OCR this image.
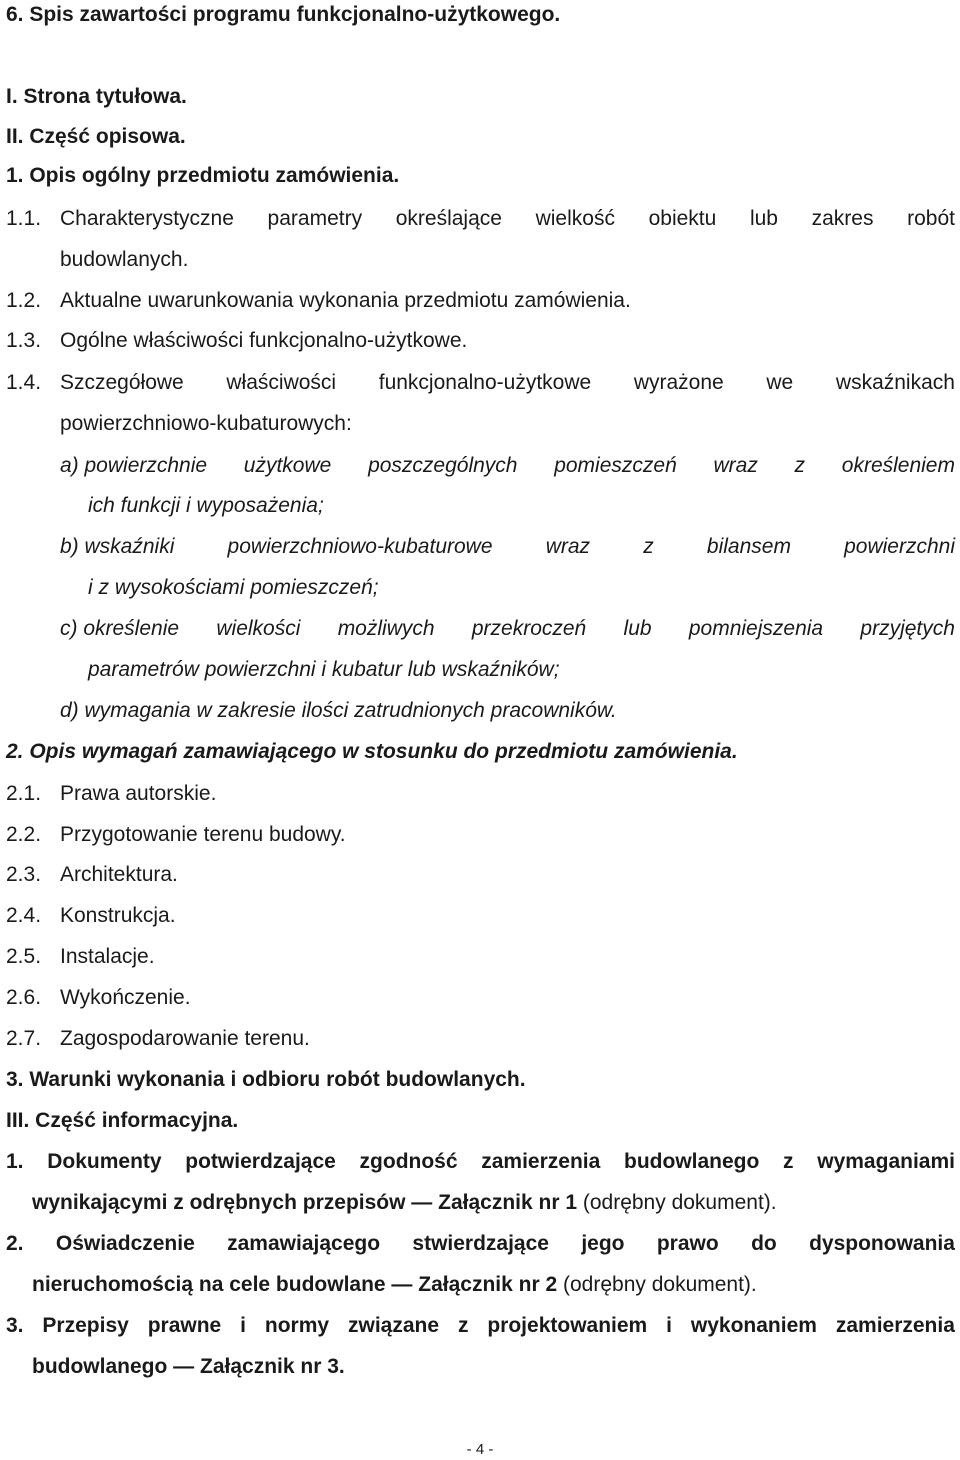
6. Spis zawartości programu funkcjonalno-użytkowego.
I. Strona tytułowa.
II. Część opisowa.
1. Opis ogólny przedmiotu zamówienia.
1.1. Charakterystyczne parametry określające wielkość obiektu lub zakres robót
budowlanych.
1.2. Aktualne uwarunkowania wykonania przedmiotu zamówienia.
1.3. Ogólne właściwości funkcjonalno-użytkowe.
1.4. Szczegółowe właściwości funkcjonalno-użytkowe wyrażone we wskaźnikach
powierzchniowo-kubaturowych:
a) powierzchnie użytkowe poszczególnych pomieszczeń wraz z określeniem
ich funkcji i wyposażenia;
b) wskaźniki	powierzchniowo-kubaturowe	wraz	z	bilansem	powierzchni
i z wysokościami pomieszczeń;
c) określenie wielkości możliwych przekroczeń lub pomniejszenia przyjętych
parametrów powierzchni i kubatur lub wskaźników;
d) wymagania w zakresie ilości zatrudnionych pracowników.
2. Opis wymagań zamawiającego w stosunku do przedmiotu zamówienia.
2.1. Prawa autorskie.
2.2. Przygotowanie terenu budowy.
2.3. Architektura.
2.4. Konstrukcja.
2.5. Instalacje.
2.6. Wykończenie.
2.7. Zagospodarowanie terenu.
3. Warunki wykonania i odbioru robót budowlanych.
III. Część informacyjna.
1. Dokumenty potwierdzające zgodność zamierzenia budowlanego z wymaganiami
wynikającymi z odrębnych przepisów — Załącznik nr 1 (odrębny dokument).
2. Oświadczenie zamawiającego stwierdzające jego prawo do dysponowania
nieruchomością na cele budowlane — Załącznik nr 2 (odrębny dokument).
3. Przepisy prawne i normy związane z projektowaniem i wykonaniem zamierzenia
budowlanego — Załącznik nr 3.
- 4 -
